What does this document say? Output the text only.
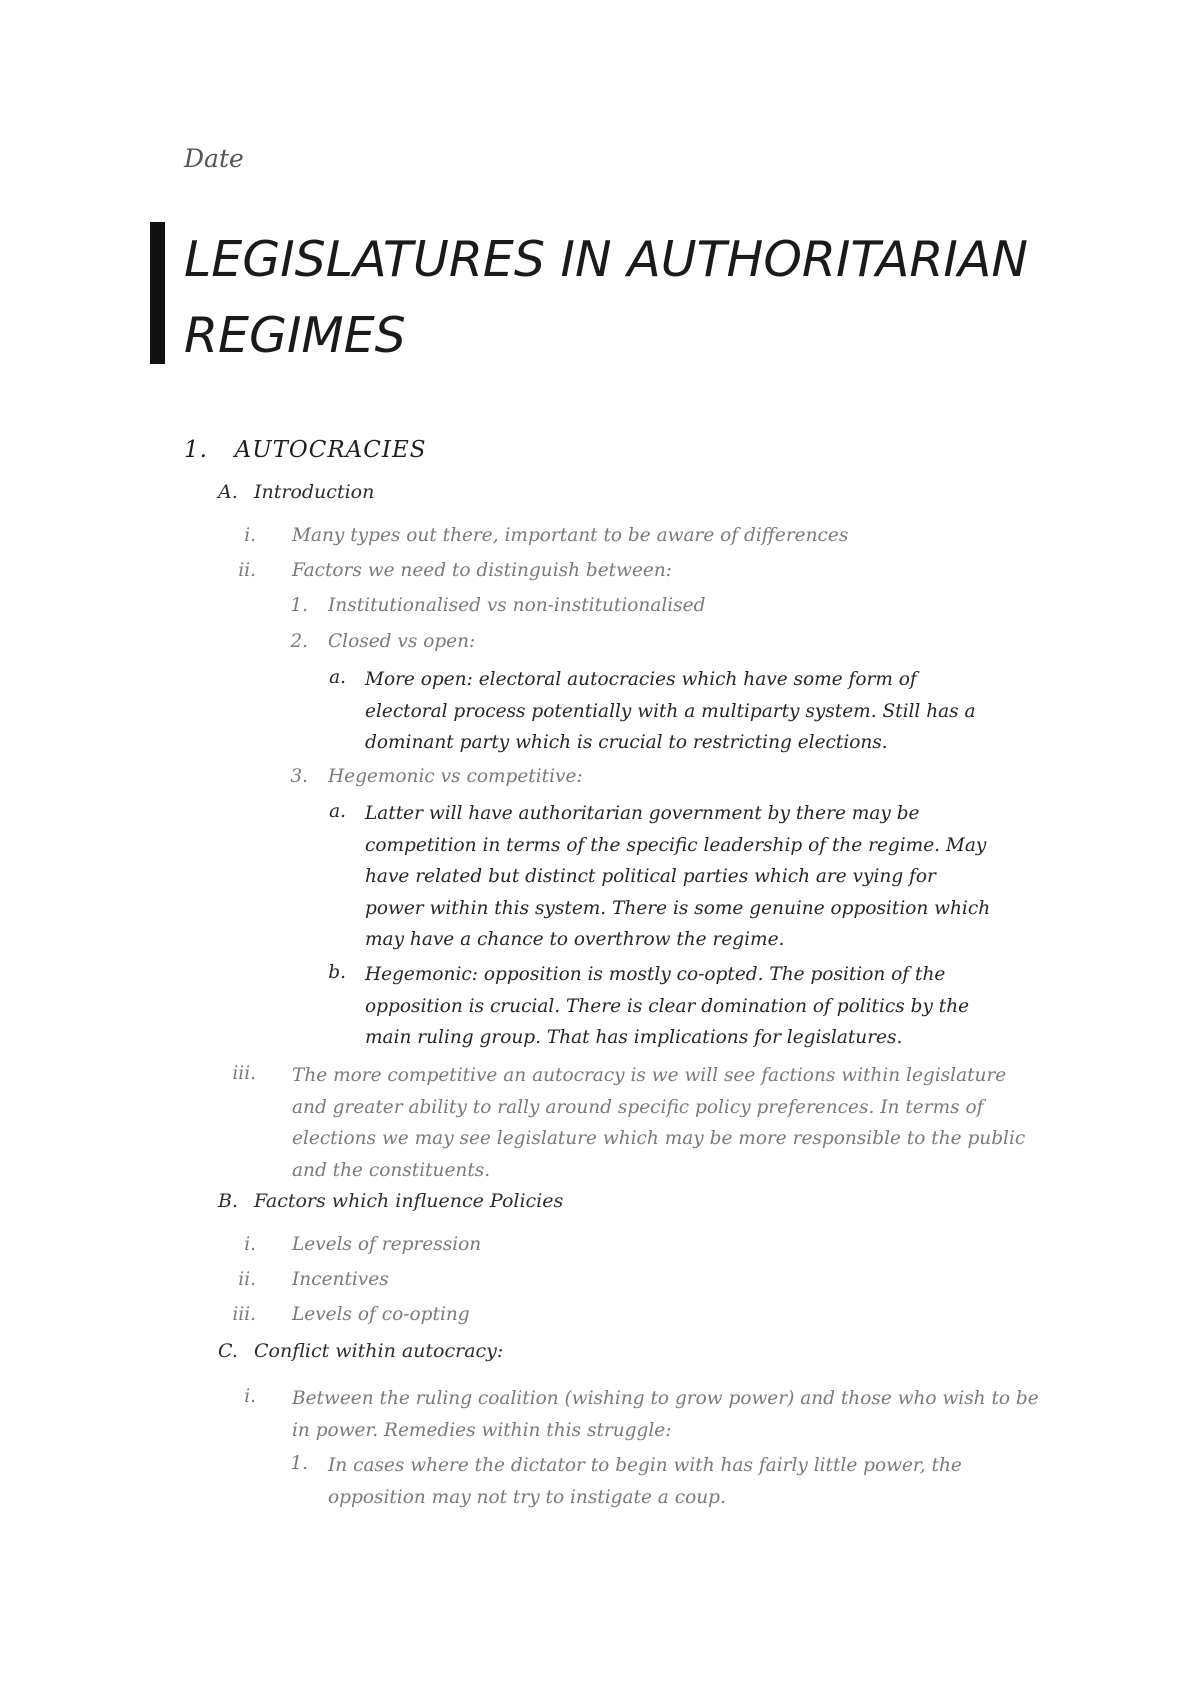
Date
LEGISLATURES IN AUTHORITARIAN
REGIMES
1. AUTOCRACIES
A. Introduction
i. Many types out there, important to be aware of differences
ii. Factors we need to distinguish between:
1. Institutionalised vs non-institutionalised
2. Closed vs open:
a. More open: electoral autocracies which have some form of
electoral process potentially with a multiparty system. Still has a
dominant party which is crucial to restricting elections.
3. Hegemonic vs competitive:
a. Latter will have authoritarian government by there may be
competition in terms of the specific leadership of the regime. May
have related but distinct political parties which are vying for
power within this system. There is some genuine opposition which
may have a chance to overthrow the regime.
b. Hegemonic: opposition is mostly co-opted. The position of the
opposition is crucial. There is clear domination of politics by the
main ruling group. That has implications for legislatures.
iii. The more competitive an autocracy is we will see factions within legislature
and greater ability to rally around specific policy preferences. In terms of
elections we may see legislature which may be more responsible to the public
and the constituents.
B. Factors which influence Policies
i. Levels of repression
ii. Incentives
iii. Levels of co-opting
C. Conflict within autocracy:
i. Between the ruling coalition (wishing to grow power) and those who wish to be
in power. Remedies within this struggle:
1. In cases where the dictator to begin with has fairly little power, the
opposition may not try to instigate a coup.
